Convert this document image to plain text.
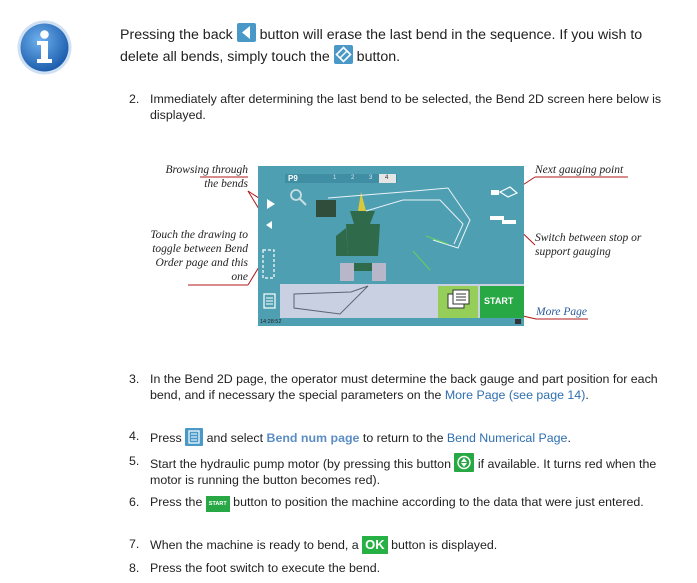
Pressing the back  button will erase the last bend in the sequence. If you wish to delete all bends, simply touch the  button.
2. Immediately after determining the last bend to be selected, the Bend 2D screen here below is displayed.
Browsing through the bends
Touch the drawing to toggle between Bend Order page and this one
Next gauging point
Switch between stop or support gauging
More Page
P9	1 2 3 4
START
14:28:52
3. In the Bend 2D page, the operator must determine the back gauge and part position for each bend, and if necessary the special parameters on the More Page (see page 14).
4. Press  and select Bend num page to return to the Bend Numerical Page.
5. Start the hydraulic pump motor (by pressing this button  if available. It turns red when the motor is running the button becomes red).
6. Press the START button to position the machine according to the data that were just entered.
7. When the machine is ready to bend, a OK button is displayed.
8. Press the foot switch to execute the bend.
